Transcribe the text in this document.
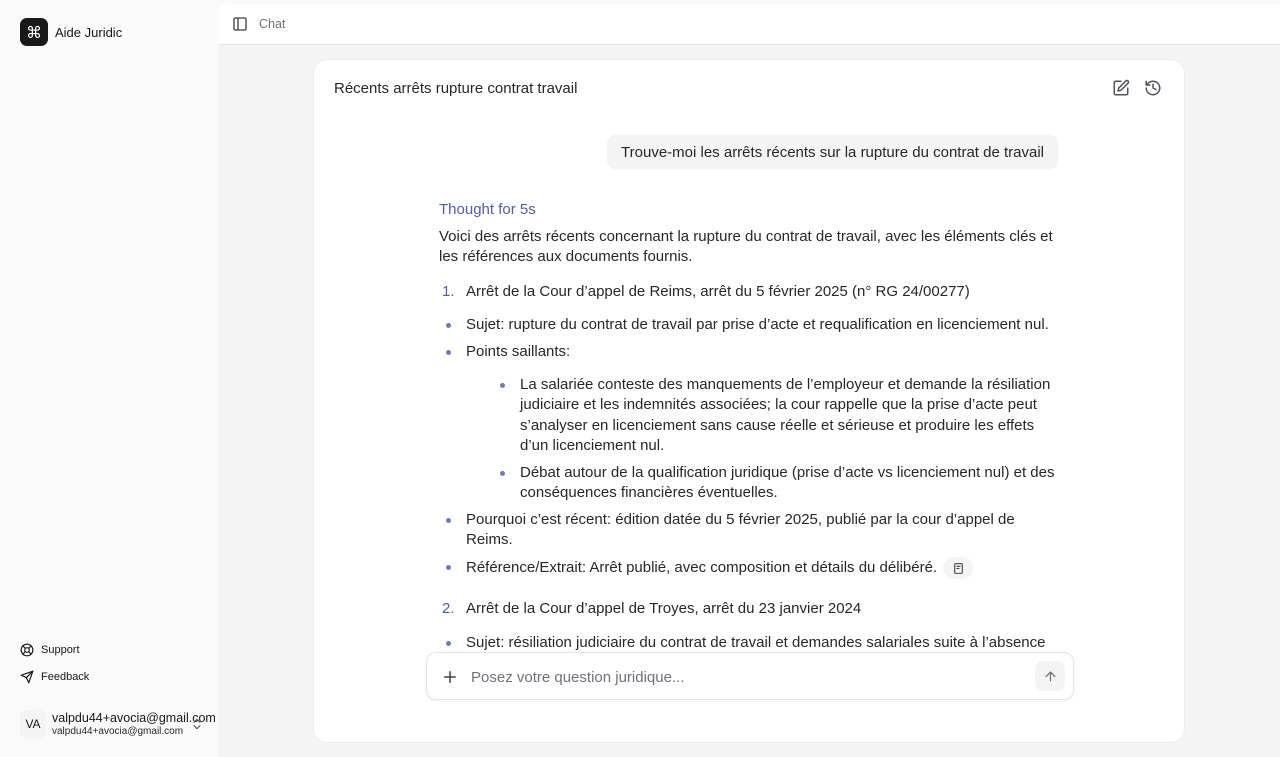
⌘	Aide Juridic
Support
Feedback
VA valpdu44+avocia@gmail.com
valpdu44+avocia@gmail.com
Chat
Récents arrêts rupture contrat travail
Trouve-moi les arrêts récents sur la rupture du contrat de travail
Thought for 5s
Voici des arrêts récents concernant la rupture du contrat de travail, avec les éléments clés et les références aux documents fournis.
1. Arrêt de la Cour d’appel de Reims, arrêt du 5 février 2025 (n° RG 24/00277)
Sujet: rupture du contrat de travail par prise d’acte et requalification en licenciement nul.
Points saillants:
La salariée conteste des manquements de l’employeur et demande la résiliation judiciaire et les indemnités associées; la cour rappelle que la prise d’acte peut s’analyser en licenciement sans cause réelle et sérieuse et produire les effets d’un licenciement nul.
Débat autour de la qualification juridique (prise d’acte vs licenciement nul) et des conséquences financières éventuelles.
Pourquoi c’est récent: édition datée du 5 février 2025, publié par la cour d’appel de Reims.
Référence/Extrait: Arrêt publié, avec composition et détails du délibéré.
2. Arrêt de la Cour d’appel de Troyes, arrêt du 23 janvier 2024
Sujet: résiliation judiciaire du contrat de travail et demandes salariales suite à l’absence
Posez votre question juridique...
